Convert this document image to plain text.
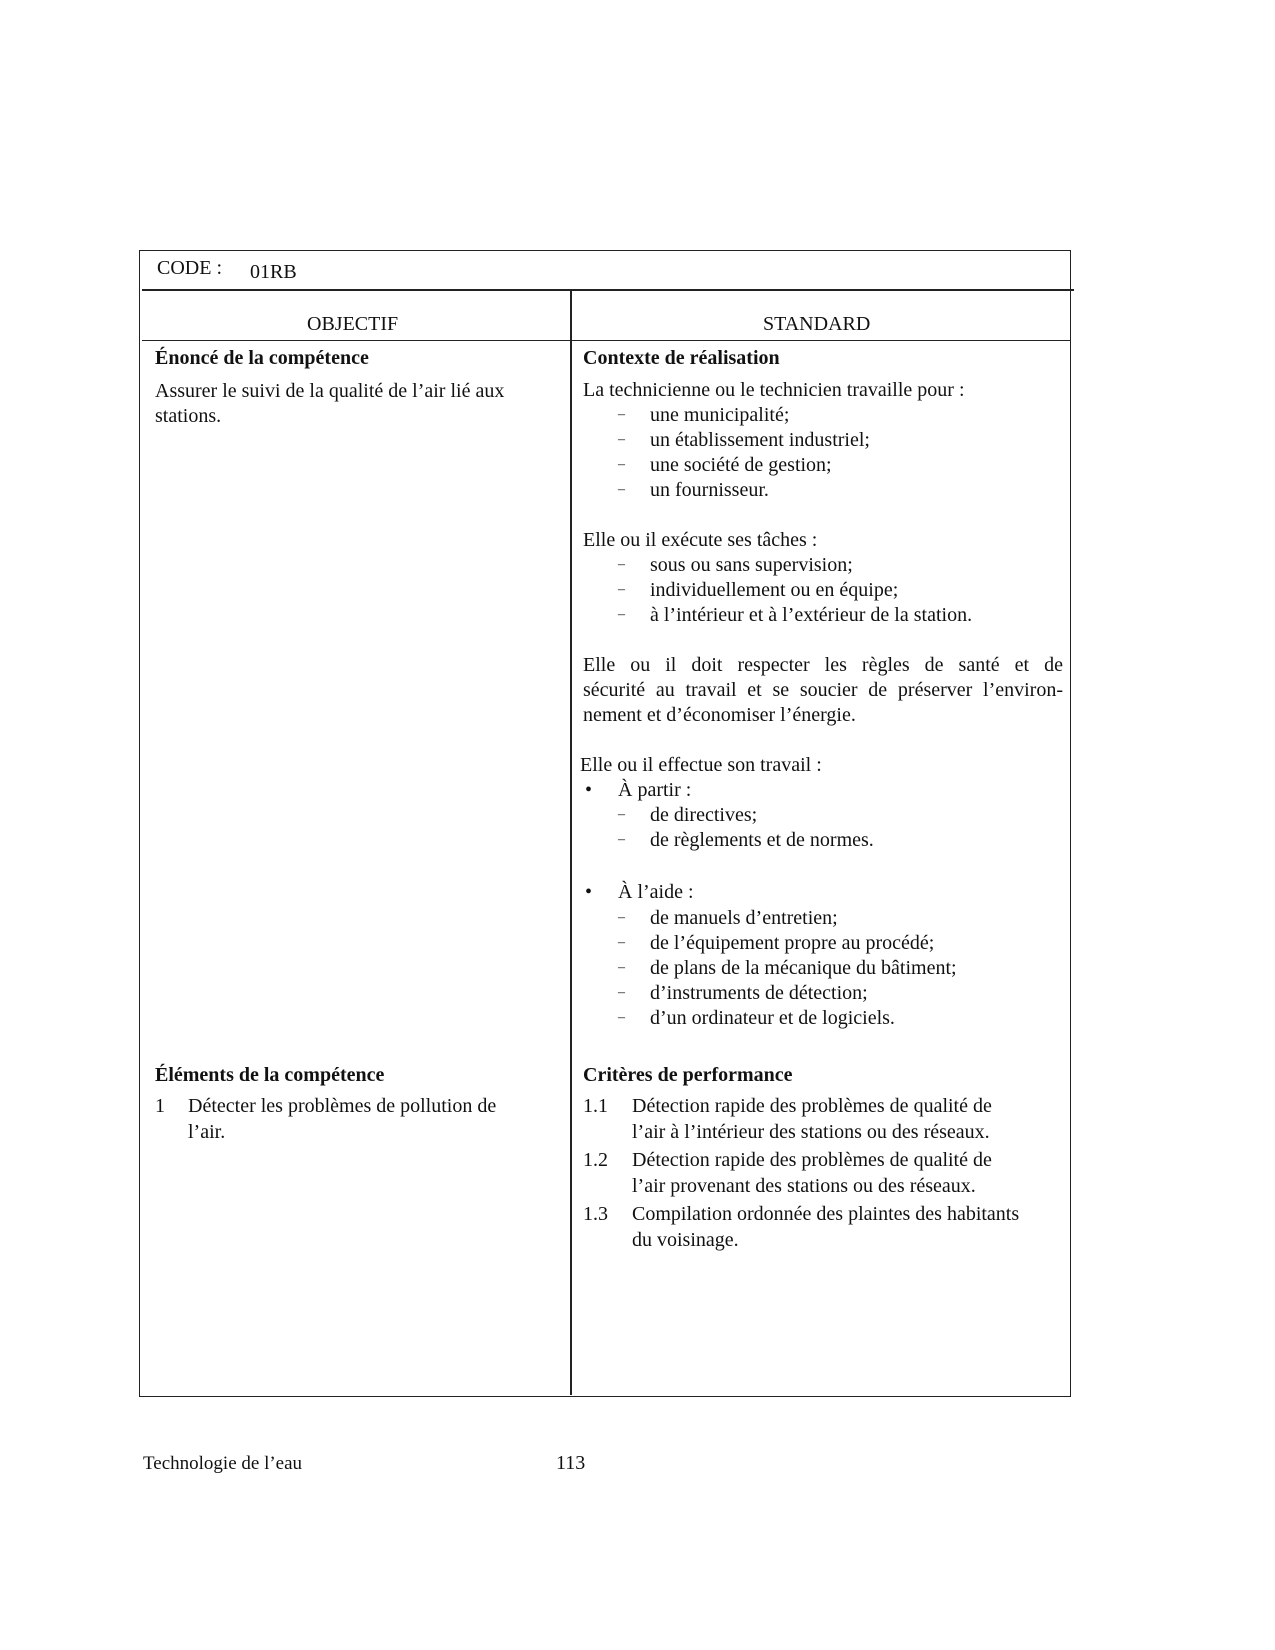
CODE : 01RB
OBJECTIF	STANDARD
Énoncé de la compétence
Assurer le suivi de la qualité de l’air lié aux
stations.
Éléments de la compétence
1 Détecter les problèmes de pollution de
l’air.
Contexte de réalisation
La technicienne ou le technicien travaille pour :
– une municipalité;
– un établissement industriel;
– une société de gestion;
– un fournisseur.
Elle ou il exécute ses tâches :
– sous ou sans supervision;
– individuellement ou en équipe;
– à l’intérieur et à l’extérieur de la station.
Elle ou il doit respecter les règles de santé et de
sécurité au travail et se soucier de préserver l’environ-
nement et d’économiser l’énergie.
Elle ou il effectue son travail :
• À partir :
– de directives;
– de règlements et de normes.
• À l’aide :
– de manuels d’entretien;
– de l’équipement propre au procédé;
– de plans de la mécanique du bâtiment;
– d’instruments de détection;
– d’un ordinateur et de logiciels.
Critères de performance
1.1 Détection rapide des problèmes de qualité de
l’air à l’intérieur des stations ou des réseaux.
1.2 Détection rapide des problèmes de qualité de
l’air provenant des stations ou des réseaux.
1.3 Compilation ordonnée des plaintes des habitants
du voisinage.
Technologie de l’eau	113
